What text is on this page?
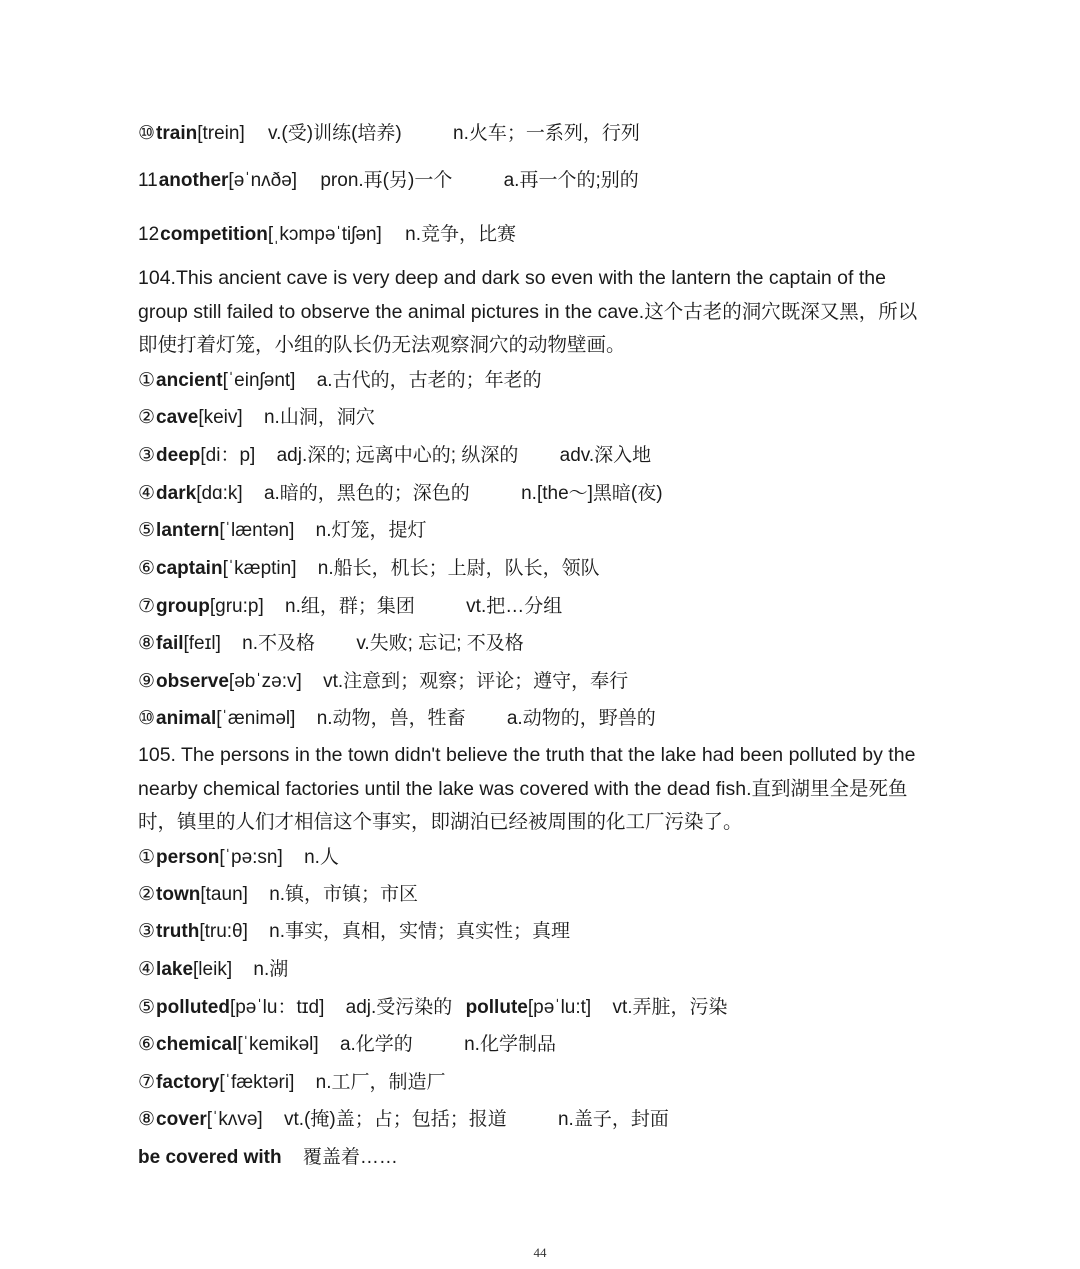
⑩train[trein] v.(受)训练(培养)	n.火车；一系列，行列
11another[əˈnʌðə] pron.再(另)一个	a.再一个的;别的
12competition[ˌkɔmpəˈtiʃən] n.竞争，比赛
104.This ancient cave is very deep and dark so even with the lantern the captain of the group still failed to observe the animal pictures in the cave.这个古老的洞穴既深又黑，所以即使打着灯笼，小组的队长仍无法观察洞穴的动物壁画。
①ancient[ˈeinʃənt] a.古代的，古老的；年老的
②cave[keiv] n.山洞，洞穴
③deep[di：p] adj.深的; 远离中心的; 纵深的 adv.深入地
④dark[dɑ:k] a.暗的，黑色的；深色的	n.[the～]黑暗(夜)
⑤lantern[ˈlæntən] n.灯笼，提灯
⑥captain[ˈkæptin] n.船长，机长；上尉，队长，领队
⑦group[gru:p] n.组，群；集团	vt.把…分组
⑧fail[feɪl] n.不及格 v.失败; 忘记; 不及格
⑨observe[əbˈzə:v] vt.注意到；观察；评论；遵守，奉行
⑩animal[ˈænimәl] n.动物，兽，牲畜 a.动物的，野兽的
105. The persons in the town didn't believe the truth that the lake had been polluted by the nearby chemical factories until the lake was covered with the dead fish.直到湖里全是死鱼时，镇里的人们才相信这个事实，即湖泊已经被周围的化工厂污染了。
①person[ˈpə:sn] n.人
②town[taun] n.镇，市镇；市区
③truth[tru:θ] n.事实，真相，实情；真实性；真理
④lake[leik] n.湖
⑤polluted[pəˈlu：tɪd] adj.受污染的 pollute[pəˈlu:t] vt.弄脏，污染
⑥chemical[ˈkemikəl] a.化学的	n.化学制品
⑦factory[ˈfæktəri] n.工厂，制造厂
⑧cover[ˈkʌvə] vt.(掩)盖；占；包括；报道	n.盖子，封面
be covered with 覆盖着……
44
